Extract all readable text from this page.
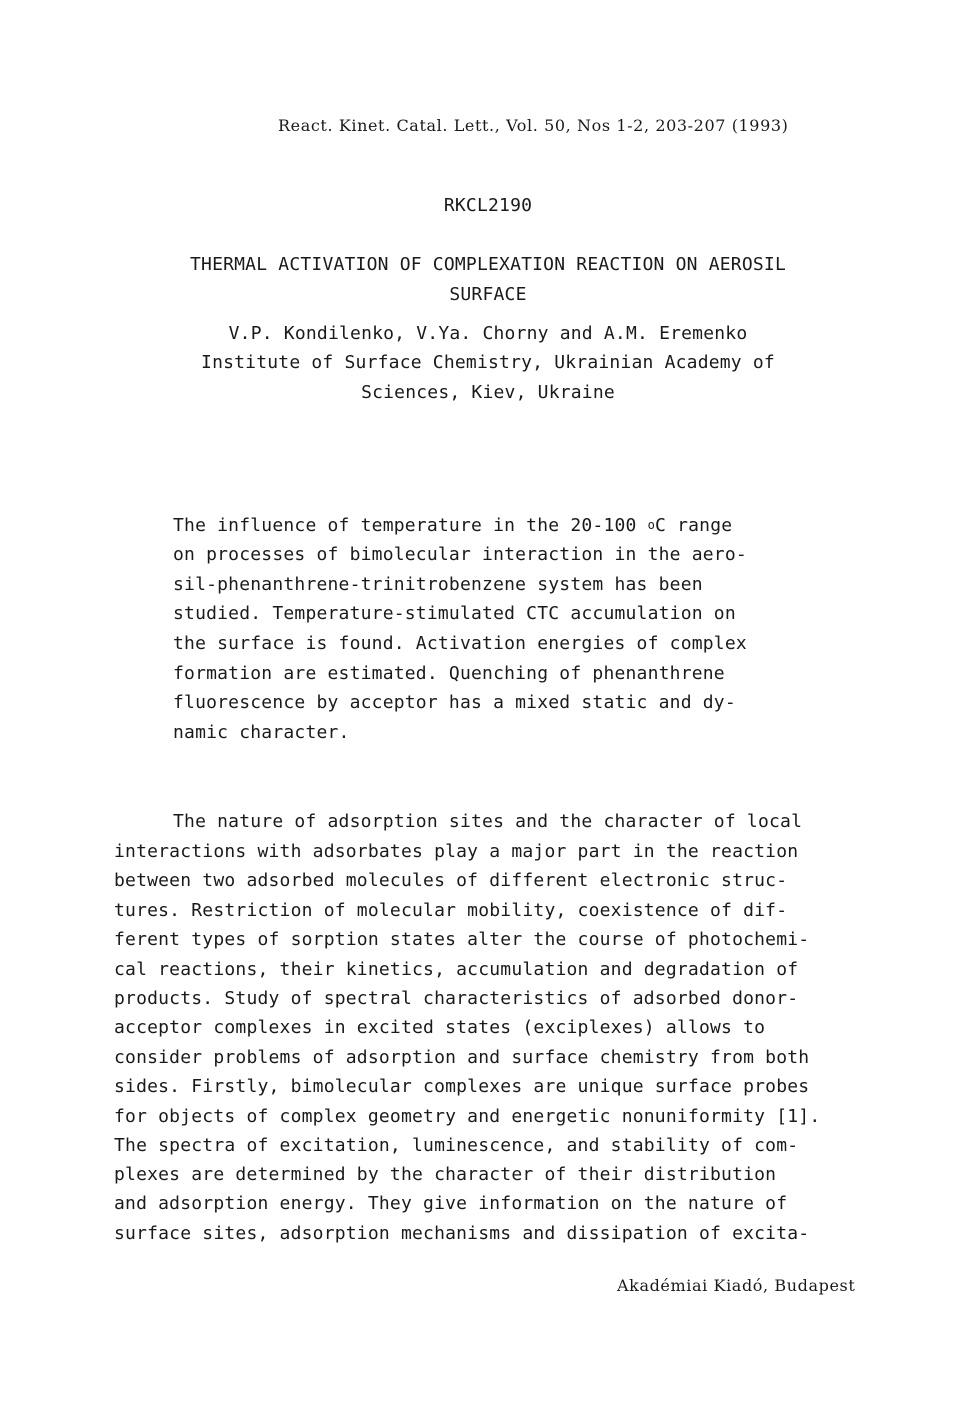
React. Kinet. Catal. Lett., Vol. 50, Nos 1-2, 203-207 (1993)
RKCL2190
THERMAL ACTIVATION OF COMPLEXATION REACTION ON AEROSIL
SURFACE
V.P. Kondilenko, V.Ya. Chorny and A.M. Eremenko
Institute of Surface Chemistry, Ukrainian Academy of
Sciences, Kiev, Ukraine
The influence of temperature in the 20-100 $^o$C range
on processes of bimolecular interaction in the aero-
sil-phenanthrene-trinitrobenzene system has been
studied. Temperature-stimulated CTC accumulation on
the surface is found. Activation energies of complex
formation are estimated. Quenching of phenanthrene
fluorescence by acceptor has a mixed static and dy-
namic character.
The nature of adsorption sites and the character of local
interactions with adsorbates play a major part in the reaction
between two adsorbed molecules of different electronic struc-
tures. Restriction of molecular mobility, coexistence of dif-
ferent types of sorption states alter the course of photochemi-
cal reactions, their kinetics, accumulation and degradation of
products. Study of spectral characteristics of adsorbed donor-
acceptor complexes in excited states (exciplexes) allows to
consider problems of adsorption and surface chemistry from both
sides. Firstly, bimolecular complexes are unique surface probes
for objects of complex geometry and energetic nonuniformity [1].
The spectra of excitation, luminescence, and stability of com-
plexes are determined by the character of their distribution
and adsorption energy. They give information on the nature of
surface sites, adsorption mechanisms and dissipation of excita-
Akadémiai Kiadó, Budapest
